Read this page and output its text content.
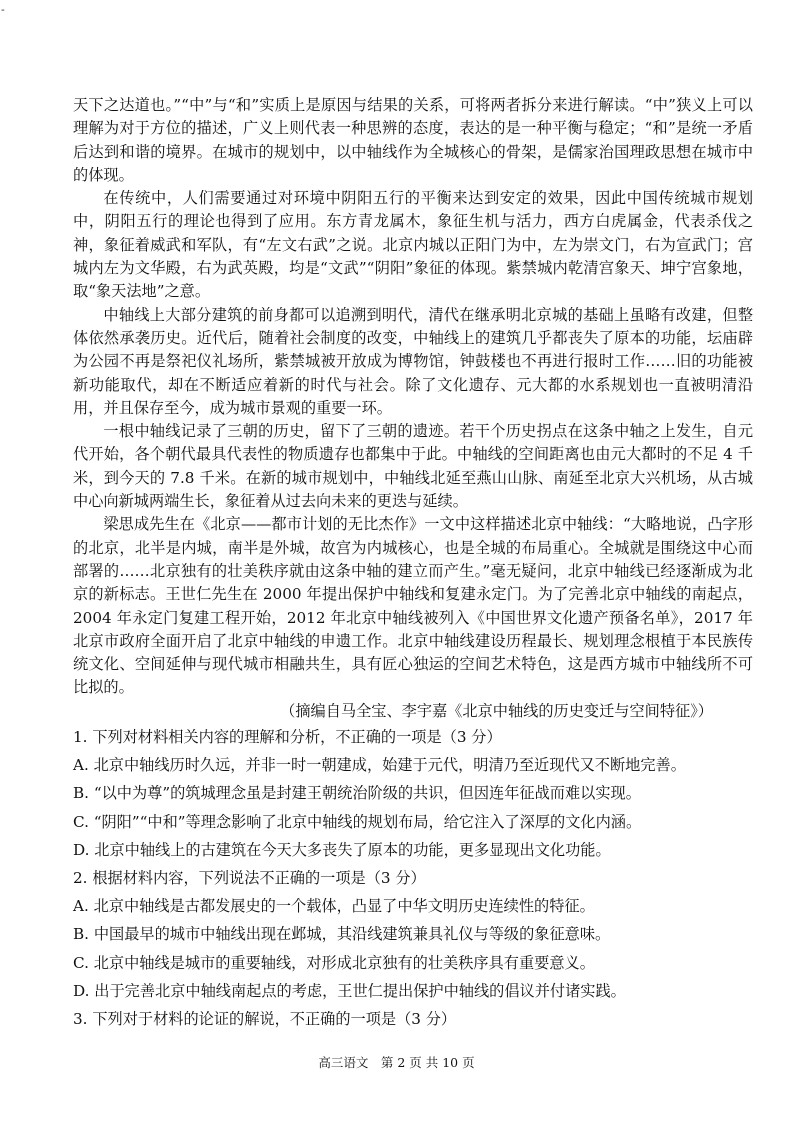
-

天下之达道也。”“中”与“和”实质上是原因与结果的关系，可将两者拆分来进行解读。“中”狭义上可以理解为对于方位的描述，广义上则代表一种思辨的态度，表达的是一种平衡与稳定；“和”是统一矛盾后达到和谐的境界。在城市的规划中，以中轴线作为全城核心的骨架，是儒家治国理政思想在城市中的体现。

在传统中，人们需要通过对环境中阴阳五行的平衡来达到安定的效果，因此中国传统城市规划中，阴阳五行的理论也得到了应用。东方青龙属木，象征生机与活力，西方白虎属金，代表杀伐之神，象征着威武和军队，有“左文右武”之说。北京内城以正阳门为中，左为崇文门，右为宣武门；宫城内左为文华殿，右为武英殿，均是“文武”“阴阳”象征的体现。紫禁城内乾清宫象天、坤宁宫象地，取“象天法地”之意。

中轴线上大部分建筑的前身都可以追溯到明代，清代在继承明北京城的基础上虽略有改建，但整体依然承袭历史。近代后，随着社会制度的改变，中轴线上的建筑几乎都丧失了原本的功能，坛庙辟为公园不再是祭祀仪礼场所，紫禁城被开放成为博物馆，钟鼓楼也不再进行报时工作……旧的功能被新功能取代，却在不断适应着新的时代与社会。除了文化遗存、元大都的水系规划也一直被明清沿用，并且保存至今，成为城市景观的重要一环。

一根中轴线记录了三朝的历史，留下了三朝的遗迹。若干个历史拐点在这条中轴之上发生，自元代开始，各个朝代最具代表性的物质遗存也都集中于此。中轴线的空间距离也由元大都时的不足 4 千米，到今天的 7.8 千米。在新的城市规划中，中轴线北延至燕山山脉、南延至北京大兴机场，从古城中心向新城两端生长，象征着从过去向未来的更迭与延续。

梁思成先生在《北京——都市计划的无比杰作》一文中这样描述北京中轴线：“大略地说，凸字形的北京，北半是内城，南半是外城，故宫为内城核心，也是全城的布局重心。全城就是围绕这中心而部署的……北京独有的壮美秩序就由这条中轴的建立而产生。”毫无疑问，北京中轴线已经逐渐成为北京的新标志。王世仁先生在 2000 年提出保护中轴线和复建永定门。为了完善北京中轴线的南起点，2004 年永定门复建工程开始，2012 年北京中轴线被列入《中国世界文化遗产预备名单》，2017 年北京市政府全面开启了北京中轴线的申遗工作。北京中轴线建设历程最长、规划理念根植于本民族传统文化、空间延伸与现代城市相融共生，具有匠心独运的空间艺术特色，这是西方城市中轴线所不可比拟的。

（摘编自马全宝、李宇嘉《北京中轴线的历史变迁与空间特征》）

1. 下列对材料相关内容的理解和分析，不正确的一项是（3 分）

A. 北京中轴线历时久远，并非一时一朝建成，始建于元代，明清乃至近现代又不断地完善。

B. “以中为尊”的筑城理念虽是封建王朝统治阶级的共识，但因连年征战而难以实现。

C. “阴阳”“中和”等理念影响了北京中轴线的规划布局，给它注入了深厚的文化内涵。

D. 北京中轴线上的古建筑在今天大多丧失了原本的功能，更多显现出文化功能。

2. 根据材料内容，下列说法不正确的一项是（3 分）

A. 北京中轴线是古都发展史的一个载体，凸显了中华文明历史连续性的特征。

B. 中国最早的城市中轴线出现在邺城，其沿线建筑兼具礼仪与等级的象征意味。

C. 北京中轴线是城市的重要轴线，对形成北京独有的壮美秩序具有重要意义。

D. 出于完善北京中轴线南起点的考虑，王世仁提出保护中轴线的倡议并付诸实践。

3. 下列对于材料的论证的解说，不正确的一项是（3 分）

高三语文　第 2 页 共 10 页
